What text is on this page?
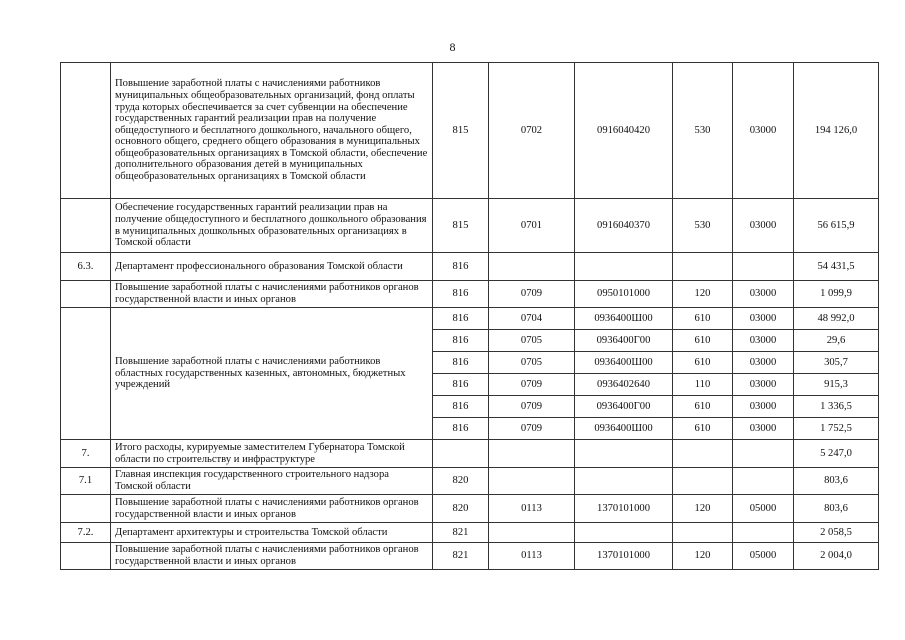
8
	Повышение заработной платы с начислениями работников муниципальных общеобразовательных организаций, фонд оплаты труда которых обеспечивается за счет субвенции на обеспечение государственных гарантий реализации прав на получение общедоступного и бесплатного дошкольного, начального общего, основного общего, среднего общего образования в муниципальных общеобразовательных организациях в Томской области, обеспечение дополнительного образования детей в муниципальных общеобразовательных организациях в Томской области	815	0702	0916040420	530	03000	194 126,0
	Обеспечение государственных гарантий реализации прав на получение общедоступного и бесплатного дошкольного образования в муниципальных дошкольных образовательных организациях в Томской области	815	0701	0916040370	530	03000	56 615,9
6.3.	Департамент профессионального образования Томской области	816					54 431,5
	Повышение заработной платы с начислениями работников органов государственной власти и иных органов	816	0709	0950101000	120	03000	1 099,9
	Повышение заработной платы с начислениями работников областных государственных казенных, автономных, бюджетных учреждений	816	0704	0936400Ш00	610	03000	48 992,0
		816	0705	0936400Г00	610	03000	29,6
		816	0705	0936400Ш00	610	03000	305,7
		816	0709	0936402640	110	03000	915,3
		816	0709	0936400Г00	610	03000	1 336,5
		816	0709	0936400Ш00	610	03000	1 752,5
7.	Итого расходы, курируемые заместителем Губернатора Томской области по строительству и инфраструктуре						5 247,0
7.1	Главная инспекция государственного строительного надзора Томской области	820					803,6
	Повышение заработной платы с начислениями работников органов государственной власти и иных органов	820	0113	1370101000	120	05000	803,6
7.2.	Департамент архитектуры и строительства Томской области	821					2 058,5
	Повышение заработной платы с начислениями работников органов государственной власти и иных органов	821	0113	1370101000	120	05000	2 004,0
